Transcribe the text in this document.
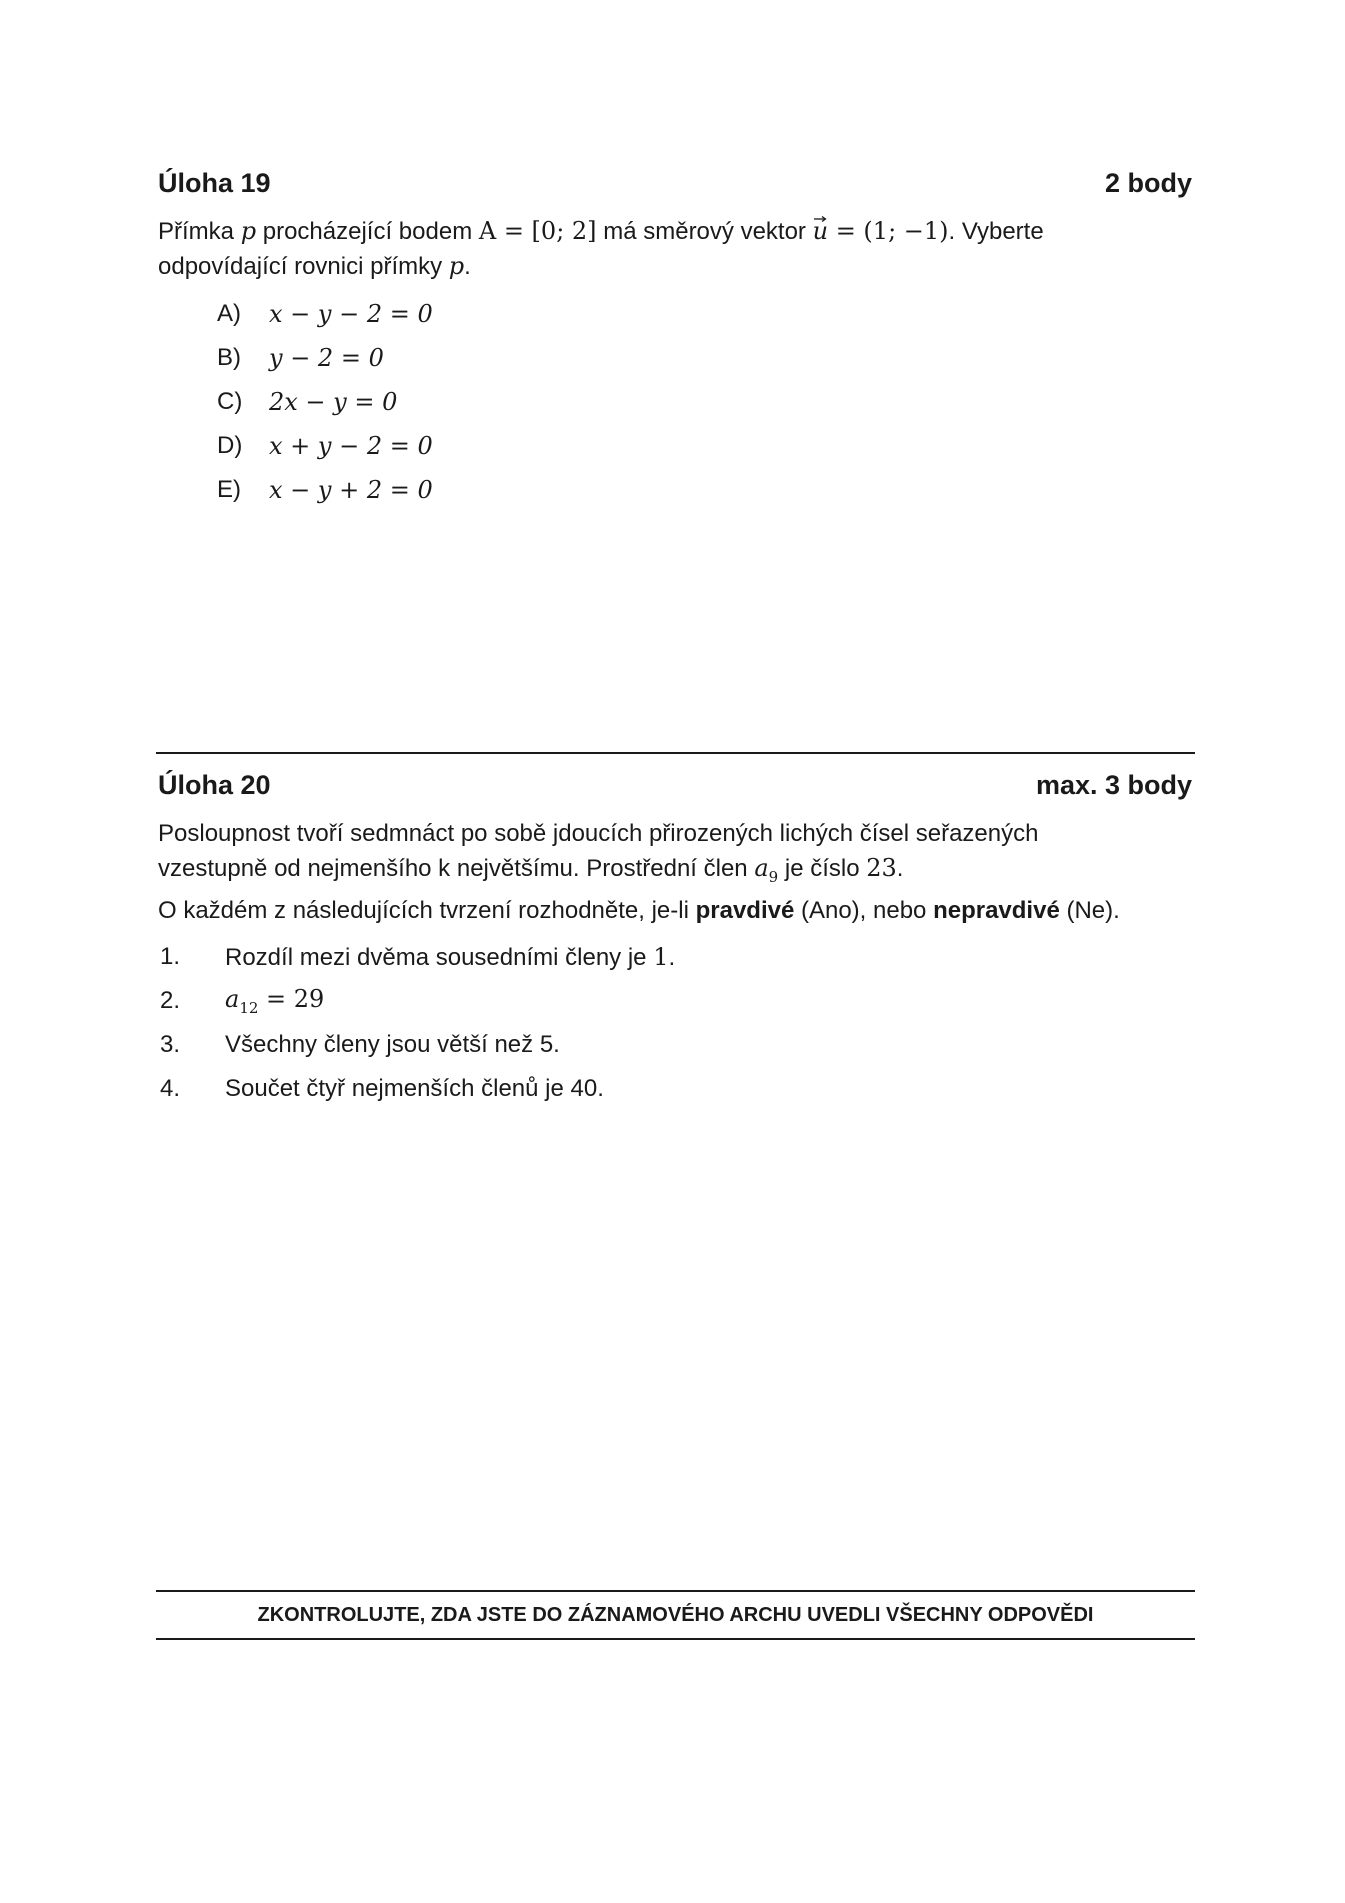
Úloha 19	2 body
Přímka p procházející bodem A = [0; 2] má směrový vektor u
= (1; −1). Vyberte
odpovídající rovnici přímky p.
A)	x − y − 2 = 0
B)	y − 2 = 0
C)	2x − y = 0
D)	x + y − 2 = 0
E)	x − y + 2 = 0
Úloha 20	max. 3 body
Posloupnost tvoří sedmnáct po sobě jdoucích přirozených lichých čísel seřazených
vzestupně od nejmenšího k největšímu. Prostřední člen $a_9$ je číslo 23.
O každém z následujících tvrzení rozhodněte, je-li pravdivé (Ano), nebo nepravdivé (Ne).
1.	Rozdíl mezi dvěma sousedními členy je 1.
2.	$a_{12} = 29$
3.	Všechny členy jsou větší než 5.
4.	Součet čtyř nejmenších členů je 40.
ZKONTROLUJTE, ZDA JSTE DO ZÁZNAMOVÉHO ARCHU UVEDLI VŠECHNY ODPOVĚDI
